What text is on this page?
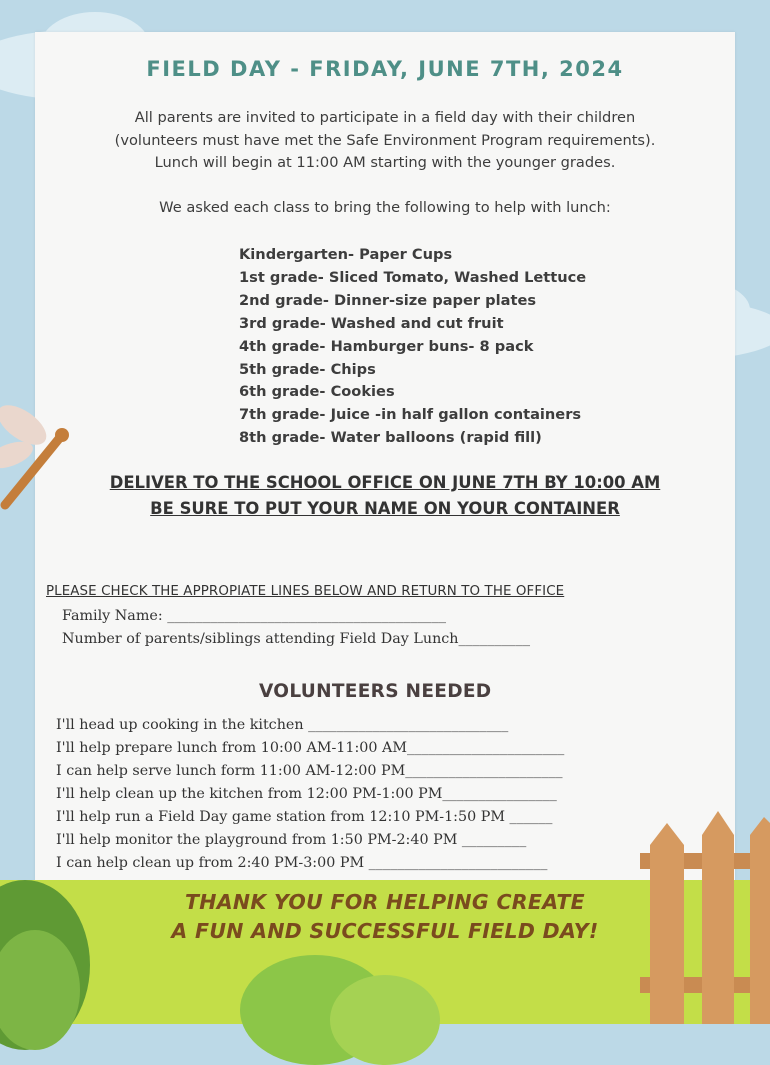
FIELD DAY - FRIDAY, JUNE 7TH, 2024
All parents are invited to participate in a field day with their children
(volunteers must have met the Safe Environment Program requirements).
Lunch will begin at 11:00 AM starting with the younger grades.
We asked each class to bring the following to help with lunch:
Kindergarten- Paper Cups
1st grade- Sliced Tomato, Washed Lettuce
2nd grade- Dinner-size paper plates
3rd grade- Washed and cut fruit
4th grade- Hamburger buns- 8 pack
5th grade- Chips
6th grade- Cookies
7th grade- Juice -in half gallon containers
8th grade- Water balloons (rapid fill)
DELIVER TO THE SCHOOL OFFICE ON JUNE 7TH BY 10:00 AM
BE SURE TO PUT YOUR NAME ON YOUR CONTAINER
PLEASE CHECK THE APPROPIATE LINES BELOW AND RETURN TO THE OFFICE
Family Name: _______________________________________
Number of parents/siblings attending Field Day Lunch__________
VOLUNTEERS NEEDED
I'll head up cooking in the kitchen ____________________________
I'll help prepare lunch from 10:00 AM-11:00 AM______________________
I can help serve lunch form 11:00 AM-12:00 PM______________________
I'll help clean up the kitchen from 12:00 PM-1:00 PM________________
I'll help run a Field Day game station from 12:10 PM-1:50 PM ______
I'll help monitor the playground from 1:50 PM-2:40 PM _________
I can help clean up from 2:40 PM-3:00 PM _________________________
THANK YOU FOR HELPING CREATE
A FUN AND SUCCESSFUL FIELD DAY!
